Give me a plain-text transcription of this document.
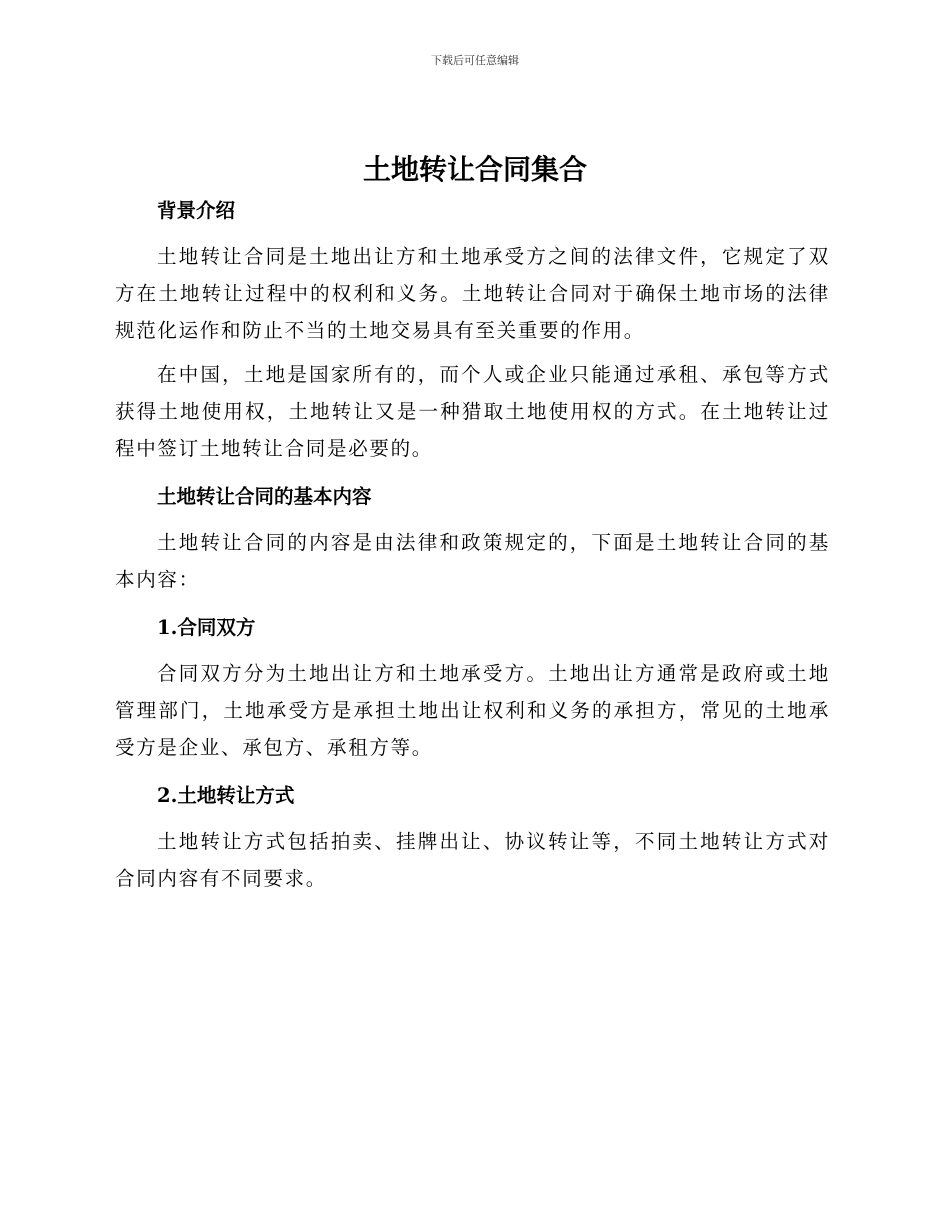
下载后可任意编辑
土地转让合同集合
背景介绍

土地转让合同是土地出让方和土地承受方之间的法律文件，它规定了双方在土地转让过程中的权利和义务。土地转让合同对于确保土地市场的法律规范化运作和防止不当的土地交易具有至关重要的作用。

在中国，土地是国家所有的，而个人或企业只能通过承租、承包等方式获得土地使用权，土地转让又是一种猎取土地使用权的方式。在土地转让过程中签订土地转让合同是必要的。

土地转让合同的基本内容

土地转让合同的内容是由法律和政策规定的，下面是土地转让合同的基本内容：

1.合同双方

合同双方分为土地出让方和土地承受方。土地出让方通常是政府或土地管理部门，土地承受方是承担土地出让权利和义务的承担方，常见的土地承受方是企业、承包方、承租方等。

2.土地转让方式

土地转让方式包括拍卖、挂牌出让、协议转让等，不同土地转让方式对合同内容有不同要求。
